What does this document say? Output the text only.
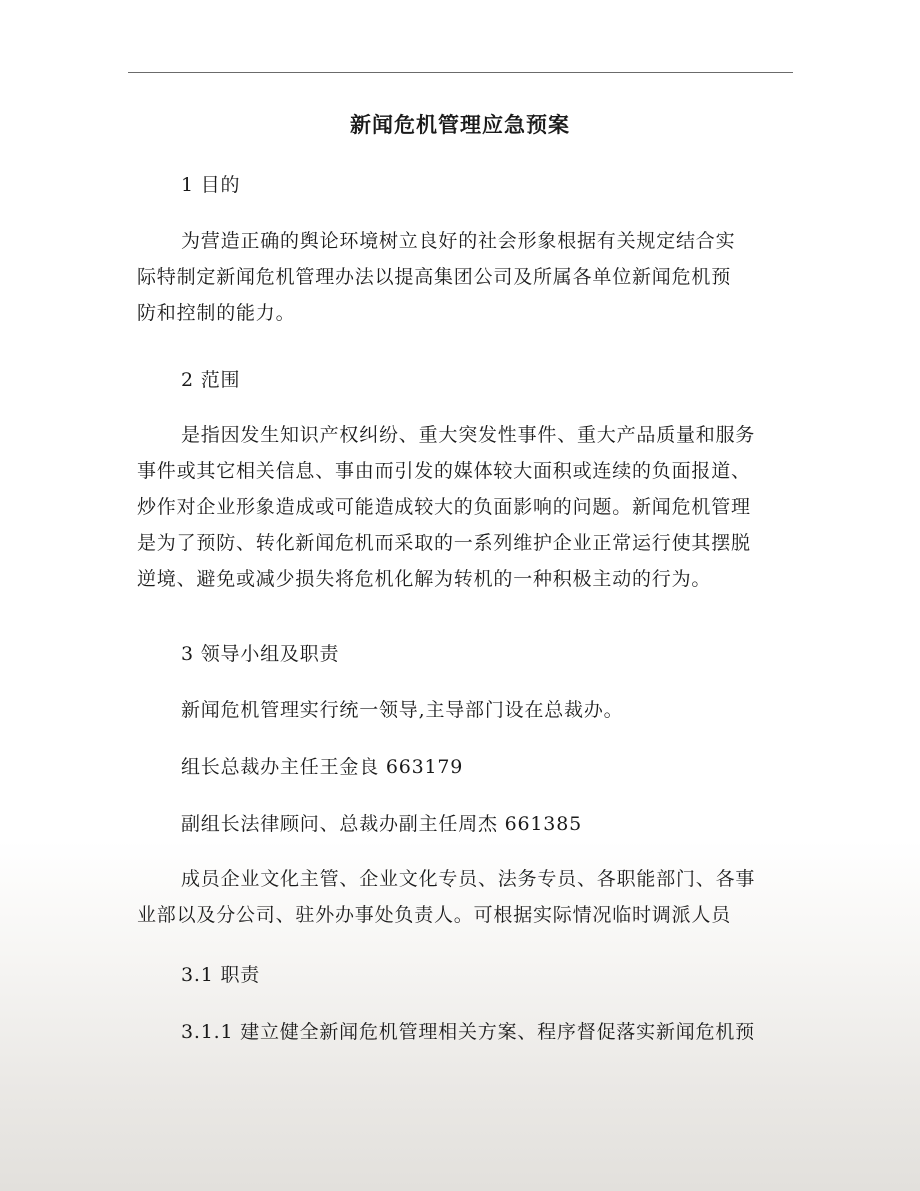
新闻危机管理应急预案
1 目的
为营造正确的舆论环境树立良好的社会形象根据有关规定结合实
际特制定新闻危机管理办法以提高集团公司及所属各单位新闻危机预
防和控制的能力。
2 范围
是指因发生知识产权纠纷、重大突发性事件、重大产品质量和服务
事件或其它相关信息、事由而引发的媒体较大面积或连续的负面报道、
炒作对企业形象造成或可能造成较大的负面影响的问题。新闻危机管理
是为了预防、转化新闻危机而采取的一系列维护企业正常运行使其摆脱
逆境、避免或减少损失将危机化解为转机的一种积极主动的行为。
3 领导小组及职责
新闻危机管理实行统一领导,主导部门设在总裁办。
组长总裁办主任王金良 663179
副组长法律顾问、总裁办副主任周杰 661385
成员企业文化主管、企业文化专员、法务专员、各职能部门、各事
业部以及分公司、驻外办事处负责人。可根据实际情况临时调派人员
3.1 职责
3.1.1 建立健全新闻危机管理相关方案、程序督促落实新闻危机预
